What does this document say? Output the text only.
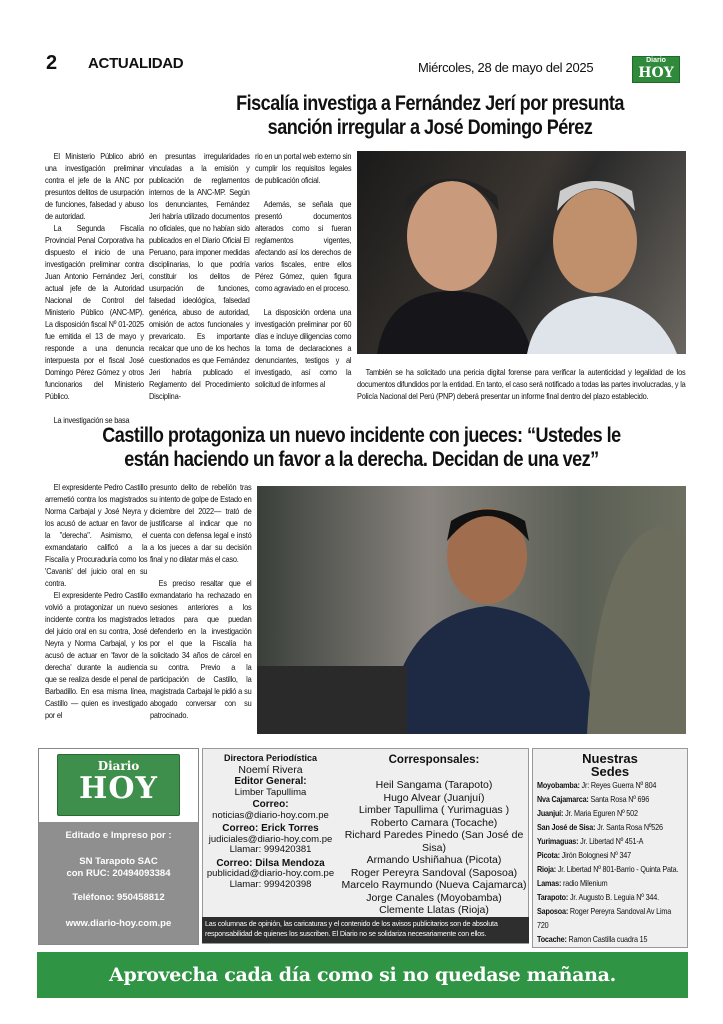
2 ACTUALIDAD	Miércoles, 28 de mayo del 2025	Diario
HOY
Fiscalía investiga a Fernández Jerí por presunta
sanción irregular a José Domingo Pérez

El Ministerio Público abrió una investigación preliminar contra el jefe de la ANC por presuntos delitos de usurpación de funciones, falsedad y abuso de autoridad.

La Segunda Fiscalía Provincial Penal Corporativa ha dispuesto el inicio de una investigación preliminar contra Juan Antonio Fernández Jerí, actual jefe de la Autoridad Nacional de Control del Ministerio Público (ANC-MP). La disposición fiscal Nº 01-2025 fue emitida el 13 de mayo y responde a una denuncia interpuesta por el fiscal José Domingo Pérez Gómez y otros funcionarios del Ministerio Público.

La investigación se basa

en presuntas irregularidades vinculadas a la emisión y publicación de reglamentos internos de la ANC-MP. Según los denunciantes, Fernández Jeri habría utilizado documentos no oficiales, que no habían sido publicados en el Diario Oficial El Peruano, para imponer medidas disciplinarias, lo que podría constituir los delitos de usurpación de funciones, falsedad ideológica, falsedad genérica, abuso de autoridad, omisión de actos funcionales y prevaricato. Es importante recalcar que uno de los hechos cuestionados es que Fernández Jeri habría publicado el Reglamento del Procedimiento Disciplina-

rio en un portal web externo sin cumplir los requisitos legales de publicación oficial.

Además, se señala que presentó documentos alterados como si fueran reglamentos vigentes, afectando así los derechos de varios fiscales, entre ellos Pérez Gómez, quien figura como agraviado en el proceso.

La disposición ordena una investigación preliminar por 60 días e incluye diligencias como la toma de declaraciones a denunciantes, testigos y al investigado, así como la solicitud de informes al

También se ha solicitado una pericia digital forense para verificar la autenticidad y legalidad de los documentos difundidos por la entidad. En tanto, el caso será notificado a todas las partes involucradas, y la Policía Nacional del Perú (PNP) deberá presentar un informe final dentro del plazo establecido.

Castillo protagoniza un nuevo incidente con jueces: “Ustedes le
están haciendo un favor a la derecha. Decidan de una vez”

El expresidente Pedro Castillo arremetió contra los magistrados Norma Carbajal y José Neyra y los acusó de actuar en favor de la "derecha". Asimismo, el exmandatario calificó a la Fiscalía y Procuraduría como los 'Cavanis' del juicio oral en su contra.

El expresidente Pedro Castillo volvió a protagonizar un nuevo incidente contra los magistrados del juicio oral en su contra, José Neyra y Norma Carbajal, y los acusó de actuar en 'favor de la derecha' durante la audiencia que se realiza desde el penal de Barbadillo. En esa misma línea, Castillo — quien es investigado por el

presunto delito de rebelión tras su intento de golpe de Estado en diciembre del 2022— trató de justificarse al indicar que no cuenta con defensa legal e instó a los jueces a dar su decisión final y no dilatar más el caso.

Es preciso resaltar que el exmandatario ha rechazado en sesiones anteriores a los letrados para que puedan defenderlo en la investigación por el que la Fiscalía ha solicitado 34 años de cárcel en su contra. Previo a la participación de Castillo, la magistrada Carbajal le pidió a su abogado conversar con su patrocinado.

Diario
HOY
Editado e Impreso por :
SN Tarapoto SAC
con RUC: 20494093384
Teléfono: 950458812
www.diario-hoy.com.pe
Directora Periodística
Noemí Rivera
Editor General:
Limber Tapullima
Correo:
noticias@diario-hoy.com.pe
Correo: Erick Torres
judiciales@diario-hoy.com.pe
Llamar: 999420381
Correo: Dilsa Mendoza
publicidad@diario-hoy.com.pe
Llamar: 999420398
Corresponsales:
Heil Sangama (Tarapoto)
Hugo Alvear (Juanjuí)
Limber Tapullima ( Yurimaguas )
Roberto Camara (Tocache)
Richard Paredes Pinedo (San José de Sisa)
Armando Ushiñahua (Picota)
Roger Pereyra Sandoval (Saposoa)
Marcelo Raymundo (Nueva Cajamarca)
Jorge Canales (Moyobamba)
Clemente Llatas (Rioja)
Las columnas de opinión, las caricaturas y el contenido de los avisos publicitarios son de absoluta responsabilidad de quienes los suscriben. El Diario no se solidariza necesariamente con ellos.
Nuestras
Sedes
Moyobamba: Jr: Reyes Guerra Nº 804
Nva Cajamarca: Santa Rosa Nº 696
Juanjuí: Jr. Maria Eguren Nº 502
San José de Sisa: Jr. Santa Rosa Nº526
Yurimaguas: Jr. Libertad Nº 451-A
Picota: Jirón Bolognesi Nº 347
Rioja: Jr. Libertad Nº 801-Barrio - Quinta Pata.
Lamas: radio Milenium
Tarapoto: Jr. Augusto B. Leguia Nº 344.
Saposoa: Roger Pereyra Sandoval Av Lima 720
Tocache: Ramon Castilla cuadra 15
Aprovecha cada día como si no quedase mañana.
